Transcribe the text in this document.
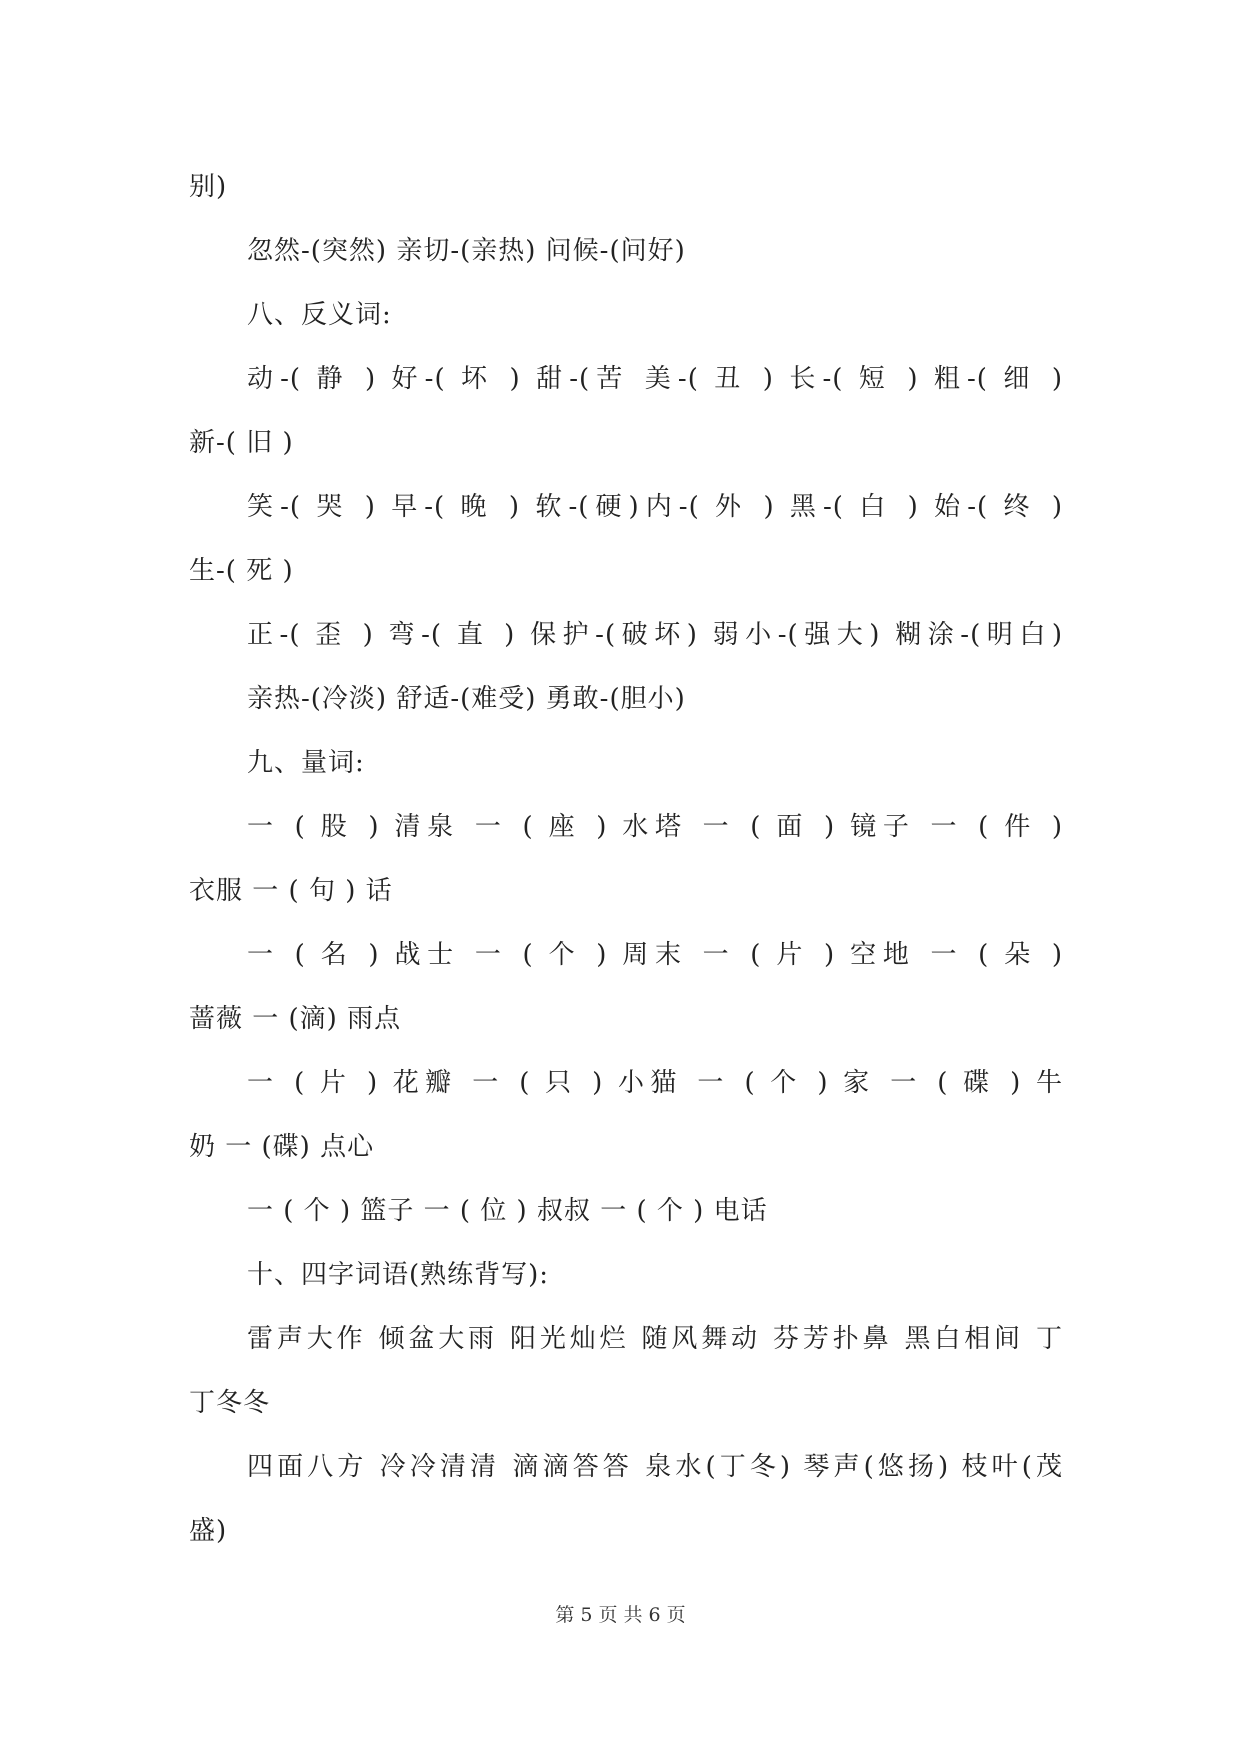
别)
忽然-(突然) 亲切-(亲热) 问候-(问好)
八、反义词:
动-( 静 ) 好-( 坏 ) 甜-(苦 美-( 丑 ) 长-( 短 ) 粗-( 细 )
新-( 旧 )
笑-( 哭 ) 早-( 晚 ) 软-(硬)内-( 外 ) 黑-( 白 ) 始-( 终 )
生-( 死 )
正-( 歪 ) 弯-( 直 ) 保护-(破坏) 弱小-(强大) 糊涂-(明白)
亲热-(冷淡) 舒适-(难受) 勇敢-(胆小)
九、量词:
一 ( 股 ) 清泉 一 ( 座 ) 水塔 一 ( 面 ) 镜子 一 ( 件 )
衣服 一 ( 句 ) 话
一 ( 名 ) 战士 一 ( 个 ) 周末 一 ( 片 ) 空地 一 ( 朵 )
蔷薇 一 (滴) 雨点
一 ( 片 ) 花瓣 一 ( 只 ) 小猫 一 ( 个 ) 家 一 ( 碟 ) 牛
奶 一 (碟) 点心
一 ( 个 ) 篮子 一 ( 位 ) 叔叔 一 ( 个 ) 电话
十、四字词语(熟练背写):
雷声大作 倾盆大雨 阳光灿烂 随风舞动 芬芳扑鼻 黑白相间 丁
丁冬冬
四面八方 冷冷清清 滴滴答答 泉水(丁冬) 琴声(悠扬) 枝叶(茂
盛)
第 5 页 共 6 页
